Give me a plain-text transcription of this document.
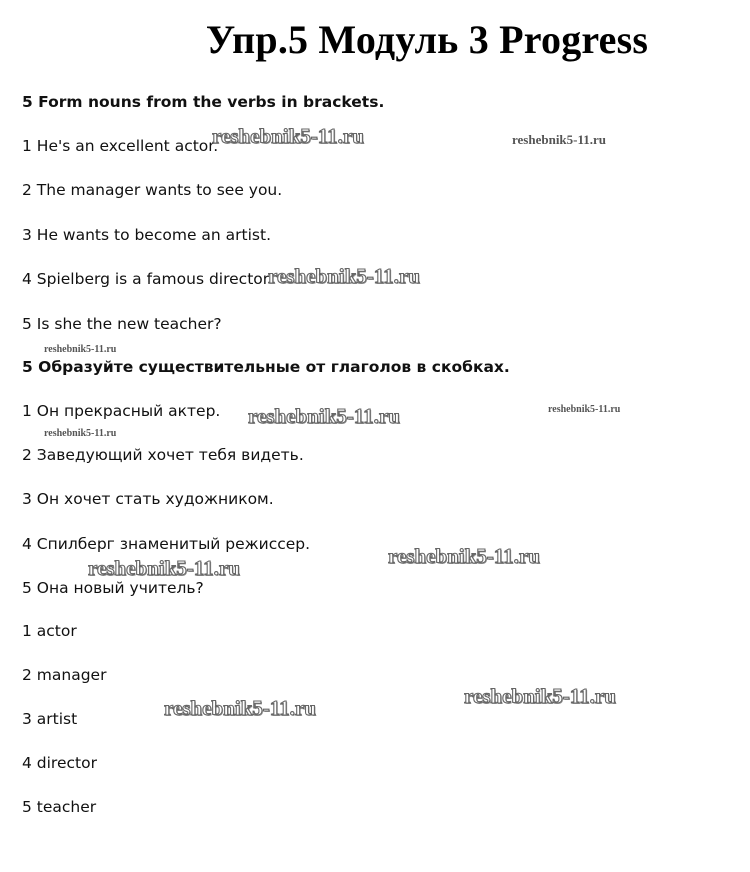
Упр.5 Модуль 3 Progress
5 Form nouns from the verbs in brackets.
1 He's an excellent actor.
2 The manager wants to see you.
3 He wants to become an artist.
4 Spielberg is a famous director.
5 Is she the new teacher?
5 Образуйте существительные от глаголов в скобках.
1 Он прекрасный актер.
2 Заведующий хочет тебя видеть.
3 Он хочет стать художником.
4 Спилберг знаменитый режиссер.
5 Она новый учитель?
1 actor
2 manager
3 artist
4 director
5 teacher
reshebnik5-11.ru	reshebnik5-11.ru
reshebnik5-11.ru
reshebnik5-11.ru
reshebnik5-11.ru	reshebnik5-11.ru
reshebnik5-11.ru
reshebnik5-11.ru
reshebnik5-11.ru
reshebnik5-11.ru
reshebnik5-11.ru
